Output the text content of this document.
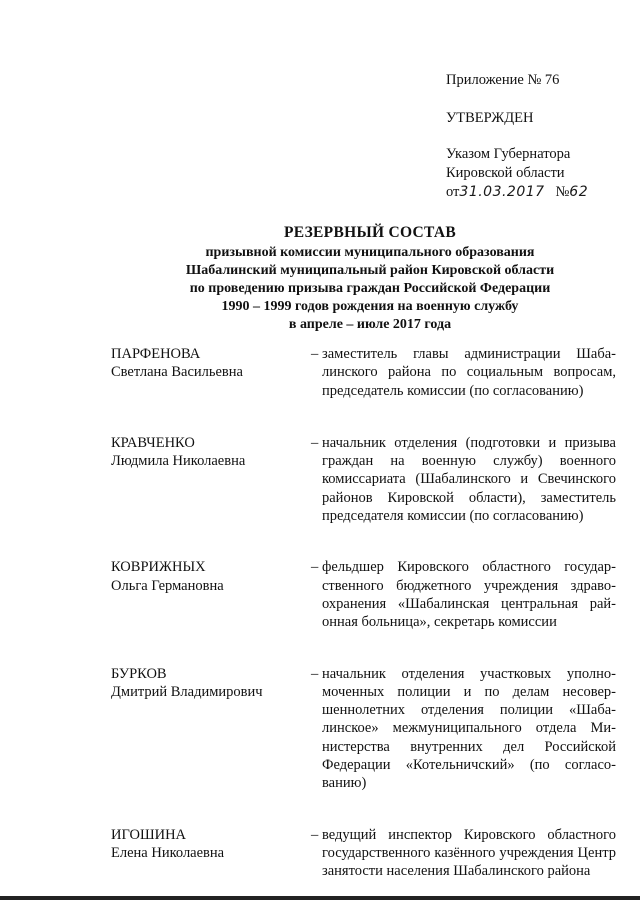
Приложение № 76
УТВЕРЖДЕН
Указом Губернатора
Кировской области
от31.03.2017 №62
РЕЗЕРВНЫЙ СОСТАВ
призывной комиссии муниципального образования
Шабалинский муниципальный район Кировской области
по проведению призыва граждан Российской Федерации
1990 – 1999 годов рождения на военную службу
в апреле – июле 2017 года
ПАРФЕНОВА
Светлана Васильевна
– заместитель главы администрации Шабалинского района по социальным вопросам, председатель комиссии (по согласованию)
КРАВЧЕНКО
Людмила Николаевна
– начальник отделения (подготовки и призыва граждан на военную службу) военного комиссариата (Шабалинского и Свечинского районов Кировской области), заместитель председателя комиссии (по согласованию)
КОВРИЖНЫХ
Ольга Германовна
– фельдшер Кировского областного государственного бюджетного учреждения здравоохранения «Шабалинская центральная районная больница», секретарь комиссии
БУРКОВ
Дмитрий Владимирович
– начальник отделения участковых уполномоченных полиции и по делам несовершеннолетних отделения полиции «Шабалинское» межмуниципального отдела Министерства внутренних дел Российской Федерации «Котельничский» (по согласованию)
ИГОШИНА
Елена Николаевна
– ведущий инспектор Кировского областного государственного казённого учреждения Центр занятости населения Шабалинского района
